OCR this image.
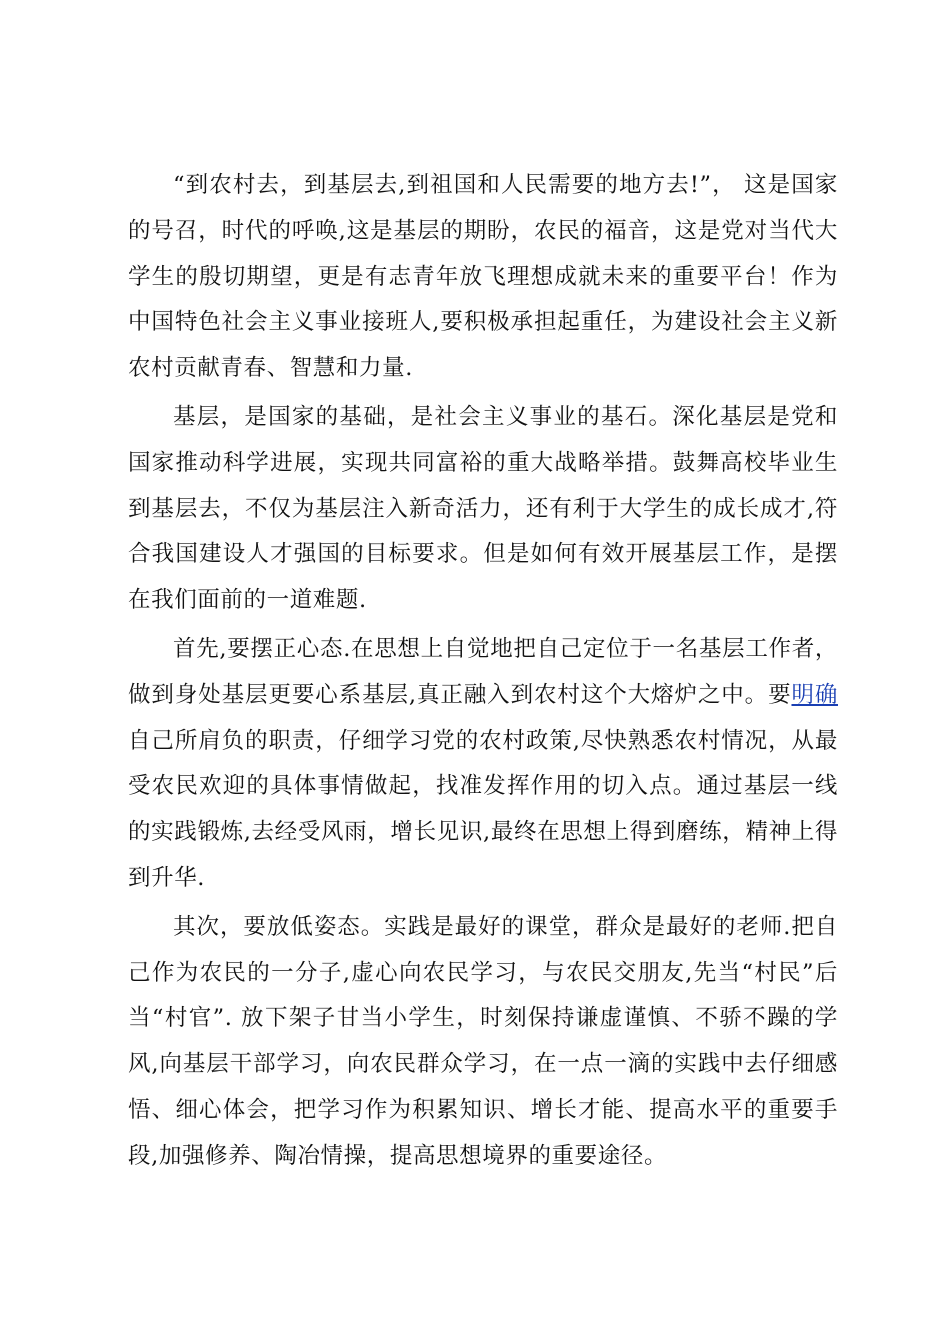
“到农村去，到基层去,到祖国和人民需要的地方去!”， 这是国家的号召，时代的呼唤,这是基层的期盼，农民的福音，这是党对当代大学生的殷切期望，更是有志青年放飞理想成就未来的重要平台！作为中国特色社会主义事业接班人,要积极承担起重任，为建设社会主义新农村贡献青春、智慧和力量.

基层，是国家的基础，是社会主义事业的基石。深化基层是党和国家推动科学进展，实现共同富裕的重大战略举措。鼓舞高校毕业生到基层去，不仅为基层注入新奇活力，还有利于大学生的成长成才,符合我国建设人才强国的目标要求。但是如何有效开展基层工作，是摆在我们面前的一道难题.

首先,要摆正心态.在思想上自觉地把自己定位于一名基层工作者，做到身处基层更要心系基层,真正融入到农村这个大熔炉之中。要明确自己所肩负的职责，仔细学习党的农村政策,尽快熟悉农村情况，从最受农民欢迎的具体事情做起，找准发挥作用的切入点。通过基层一线的实践锻炼,去经受风雨，增长见识,最终在思想上得到磨练，精神上得到升华.

其次，要放低姿态。实践是最好的课堂，群众是最好的老师.把自己作为农民的一分子,虚心向农民学习，与农民交朋友,先当“村民”后当“村官”. 放下架子甘当小学生，时刻保持谦虚谨慎、不骄不躁的学风,向基层干部学习，向农民群众学习，在一点一滴的实践中去仔细感悟、细心体会，把学习作为积累知识、增长才能、提高水平的重要手段,加强修养、陶冶情操，提高思想境界的重要途径。
